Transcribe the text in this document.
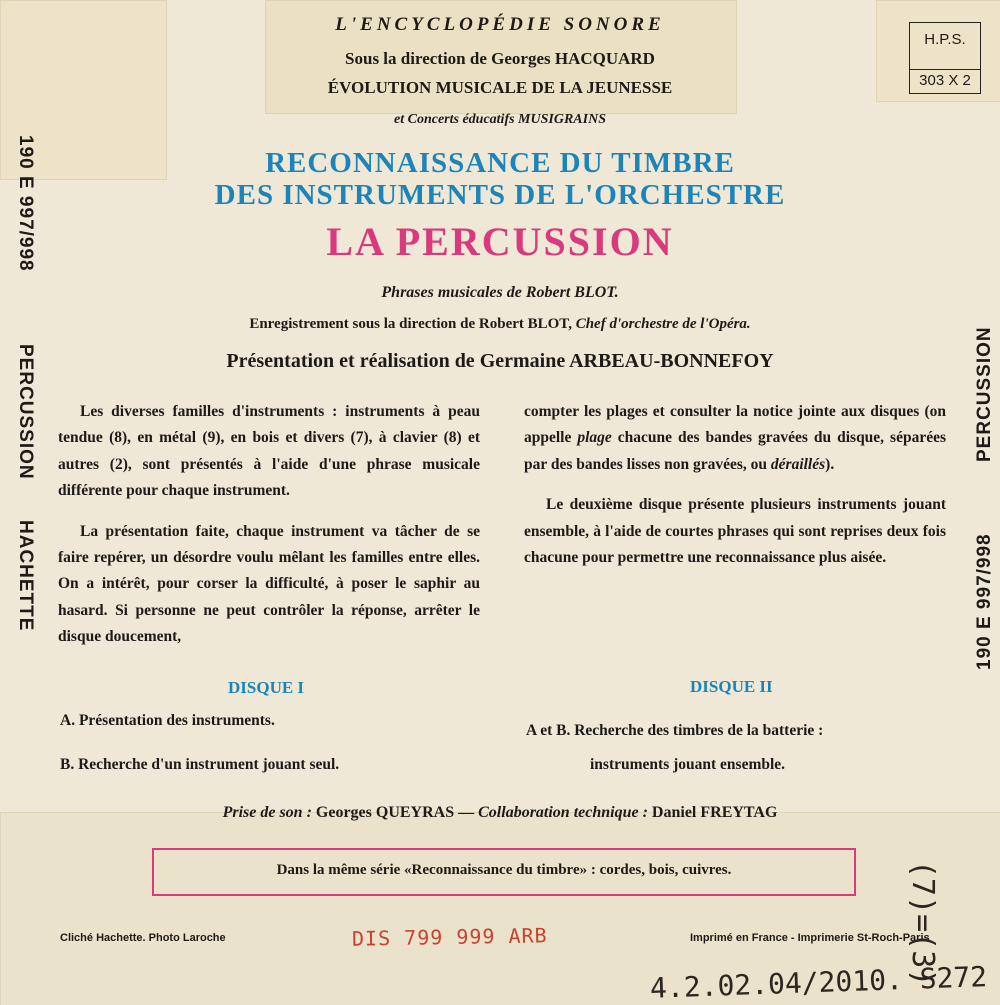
L'ENCYCLOPÉDIE SONORE
Sous la direction de Georges HACQUARD
ÉVOLUTION MUSICALE DE LA JEUNESSE
et Concerts éducatifs MUSIGRAINS
H.P.S.
303 X 2
RECONNAISSANCE DU TIMBRE
DES INSTRUMENTS DE L'ORCHESTRE
LA PERCUSSION
Phrases musicales de Robert BLOT.
Enregistrement sous la direction de Robert BLOT, Chef d'orchestre de l'Opéra.
Présentation et réalisation de Germaine ARBEAU-BONNEFOY

Les diverses familles d'instruments : instruments à peau tendue (8), en métal (9), en bois et divers (7), à clavier (8) et autres (2), sont présentés à l'aide d'une phrase musicale différente pour chaque instrument.

La présentation faite, chaque instrument va tâcher de se faire repérer, un désordre voulu mêlant les familles entre elles. On a intérêt, pour corser la difficulté, à poser le saphir au hasard. Si personne ne peut contrôler la réponse, arrêter le disque doucement,

compter les plages et consulter la notice jointe aux disques (on appelle plage chacune des bandes gravées du disque, séparées par des bandes lisses non gravées, ou déraillés).

Le deuxième disque présente plusieurs instruments jouant ensemble, à l'aide de courtes phrases qui sont reprises deux fois chacune pour permettre une reconnaissance plus aisée.

DISQUE I
A. Présentation des instruments.
B. Recherche d'un instrument jouant seul.
DISQUE II
A et B. Recherche des timbres de la batterie :
instruments jouant ensemble.
Prise de son : Georges QUEYRAS — Collaboration technique : Daniel FREYTAG
Dans la même série «Reconnaissance du timbre» : cordes, bois, cuivres.
Cliché Hachette. Photo Laroche	Imprimé en France - Imprimerie St-Roch-Paris
DIS 799 999 ARB
4.2.02.04/2010. S272
(7)=(3)
190 E 997/998
PERCUSSION
HACHETTE
PERCUSSION
190 E 997/998
